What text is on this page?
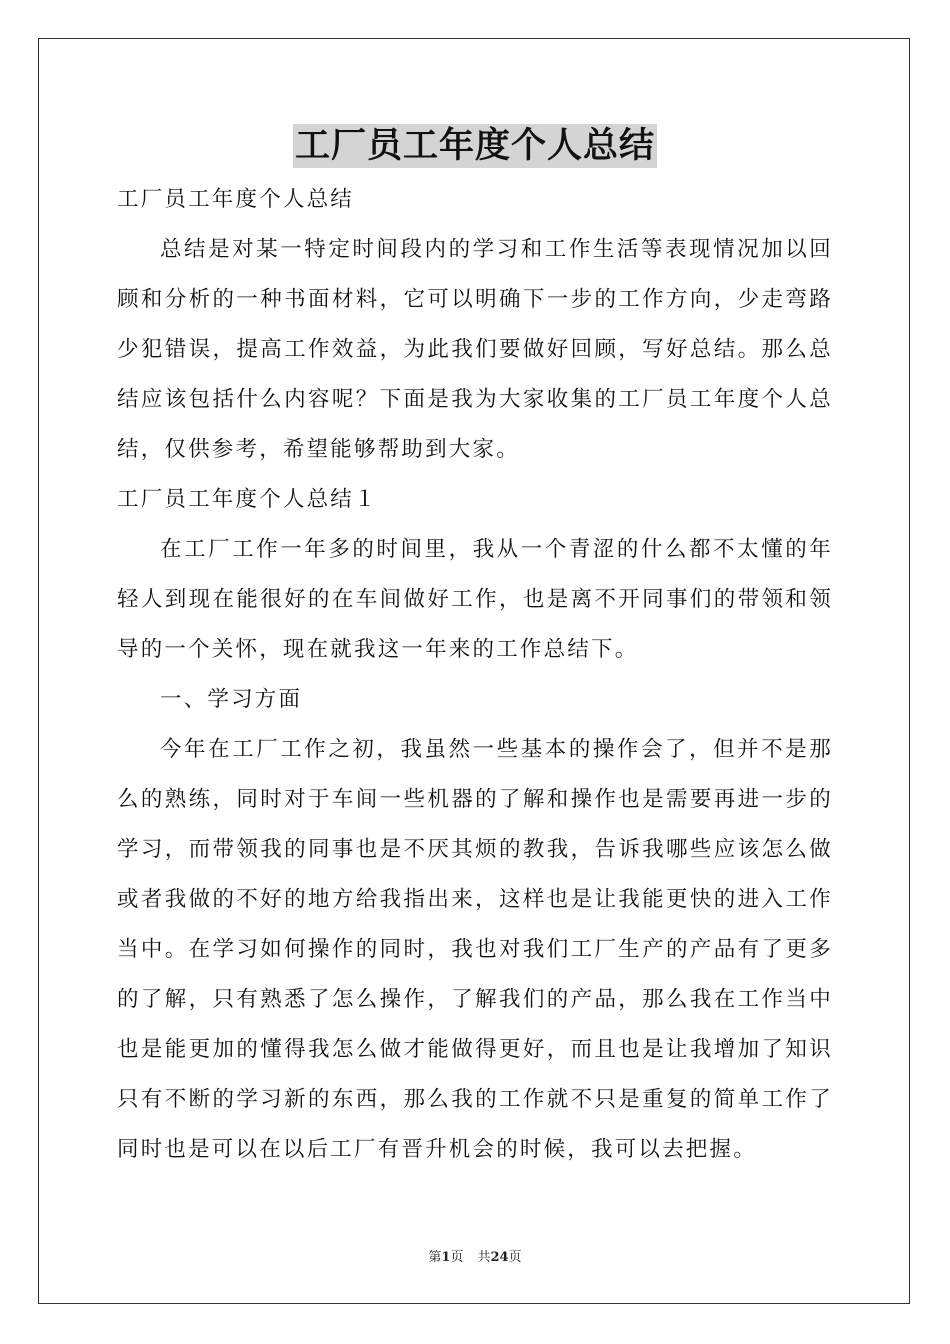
工厂员工年度个人总结

工厂员工年度个人总结

总结是对某一特定时间段内的学习和工作生活等表现情况加以回顾和分析的一种书面材料，它可以明确下一步的工作方向，少走弯路少犯错误，提高工作效益，为此我们要做好回顾，写好总结。那么总结应该包括什么内容呢？下面是我为大家收集的工厂员工年度个人总结，仅供参考，希望能够帮助到大家。

工厂员工年度个人总结１

在工厂工作一年多的时间里，我从一个青涩的什么都不太懂的年轻人到现在能很好的在车间做好工作，也是离不开同事们的带领和领导的一个关怀，现在就我这一年来的工作总结下。

一、学习方面

今年在工厂工作之初，我虽然一些基本的操作会了，但并不是那么的熟练，同时对于车间一些机器的了解和操作也是需要再进一步的学习，而带领我的同事也是不厌其烦的教我，告诉我哪些应该怎么做或者我做的不好的地方给我指出来，这样也是让我能更快的进入工作当中。在学习如何操作的同时，我也对我们工厂生产的产品有了更多的了解，只有熟悉了怎么操作，了解我们的产品，那么我在工作当中也是能更加的懂得我怎么做才能做得更好，而且也是让我增加了知识只有不断的学习新的东西，那么我的工作就不只是重复的简单工作了同时也是可以在以后工厂有晋升机会的时候，我可以去把握。

第1页 共24页
